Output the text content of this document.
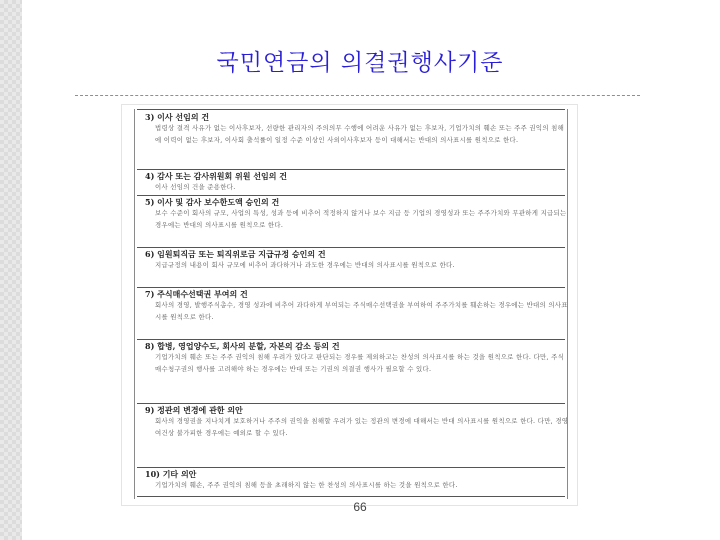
국민연금의 의결권행사기준
3) 이사 선임의 건
법령상 결격 사유가 없는 이사후보자, 선량한 관리자의 주의의무 수행에 어려운 사유가 없는 후보자, 기업가치의 훼손 또는 주주 권익의 침해에 이력이 없는 후보자, 이사회 출석률이 일정 수준 이상인 사외이사후보자 등이 대해서는 반대의 의사표시를 원칙으로 한다.
4) 감사 또는 감사위원회 위원 선임의 건
이사 선임의 건을 준용한다.
5) 이사 및 감사 보수한도액 승인의 건
보수 수준이 회사의 규모, 사업의 특성, 성과 등에 비추어 적정하지 않거나 보수 지급 등 기업의 경영성과 또는 주주가치와 무관하게 지급되는 경우에는 반대의 의사표시를 원칙으로 한다.
6) 임원퇴직금 또는 퇴직위로금 지급규정 승인의 건
지급규정의 내용이 회사 규모에 비추어 과다하거나 과도한 경우에는 반대의 의사표시를 원칙으로 한다.
7) 주식매수선택권 부여의 건
회사의 경영, 발행주식총수, 경영 성과에 비추어 과다하게 부여되는 주식매수선택권을 부여하여 주주가치를 훼손하는 경우에는 반대의 의사표시를 원칙으로 한다.
8) 합병, 영업양수도, 회사의 분할, 자본의 감소 등의 건
기업가치의 훼손 또는 주주 권익의 침해 우려가 있다고 판단되는 경우를 제외하고는 찬성의 의사표시를 하는 것을 원칙으로 한다. 다만, 주식매수청구권의 행사를 고려해야 하는 경우에는 반대 또는 기권의 의결권 행사가 필요할 수 있다.
9) 정관의 변경에 관한 의안
회사의 경영권을 지나치게 보호하거나 주주의 권익을 침해할 우려가 있는 정관의 변경에 대해서는 반대 의사표시를 원칙으로 한다. 다만, 경영여건상 불가피한 경우에는 예외로 할 수 있다.
10) 기타 의안
기업가치의 훼손, 주주 권익의 침해 등을 초래하지 않는 한 찬성의 의사표시를 하는 것을 원칙으로 한다.
66
